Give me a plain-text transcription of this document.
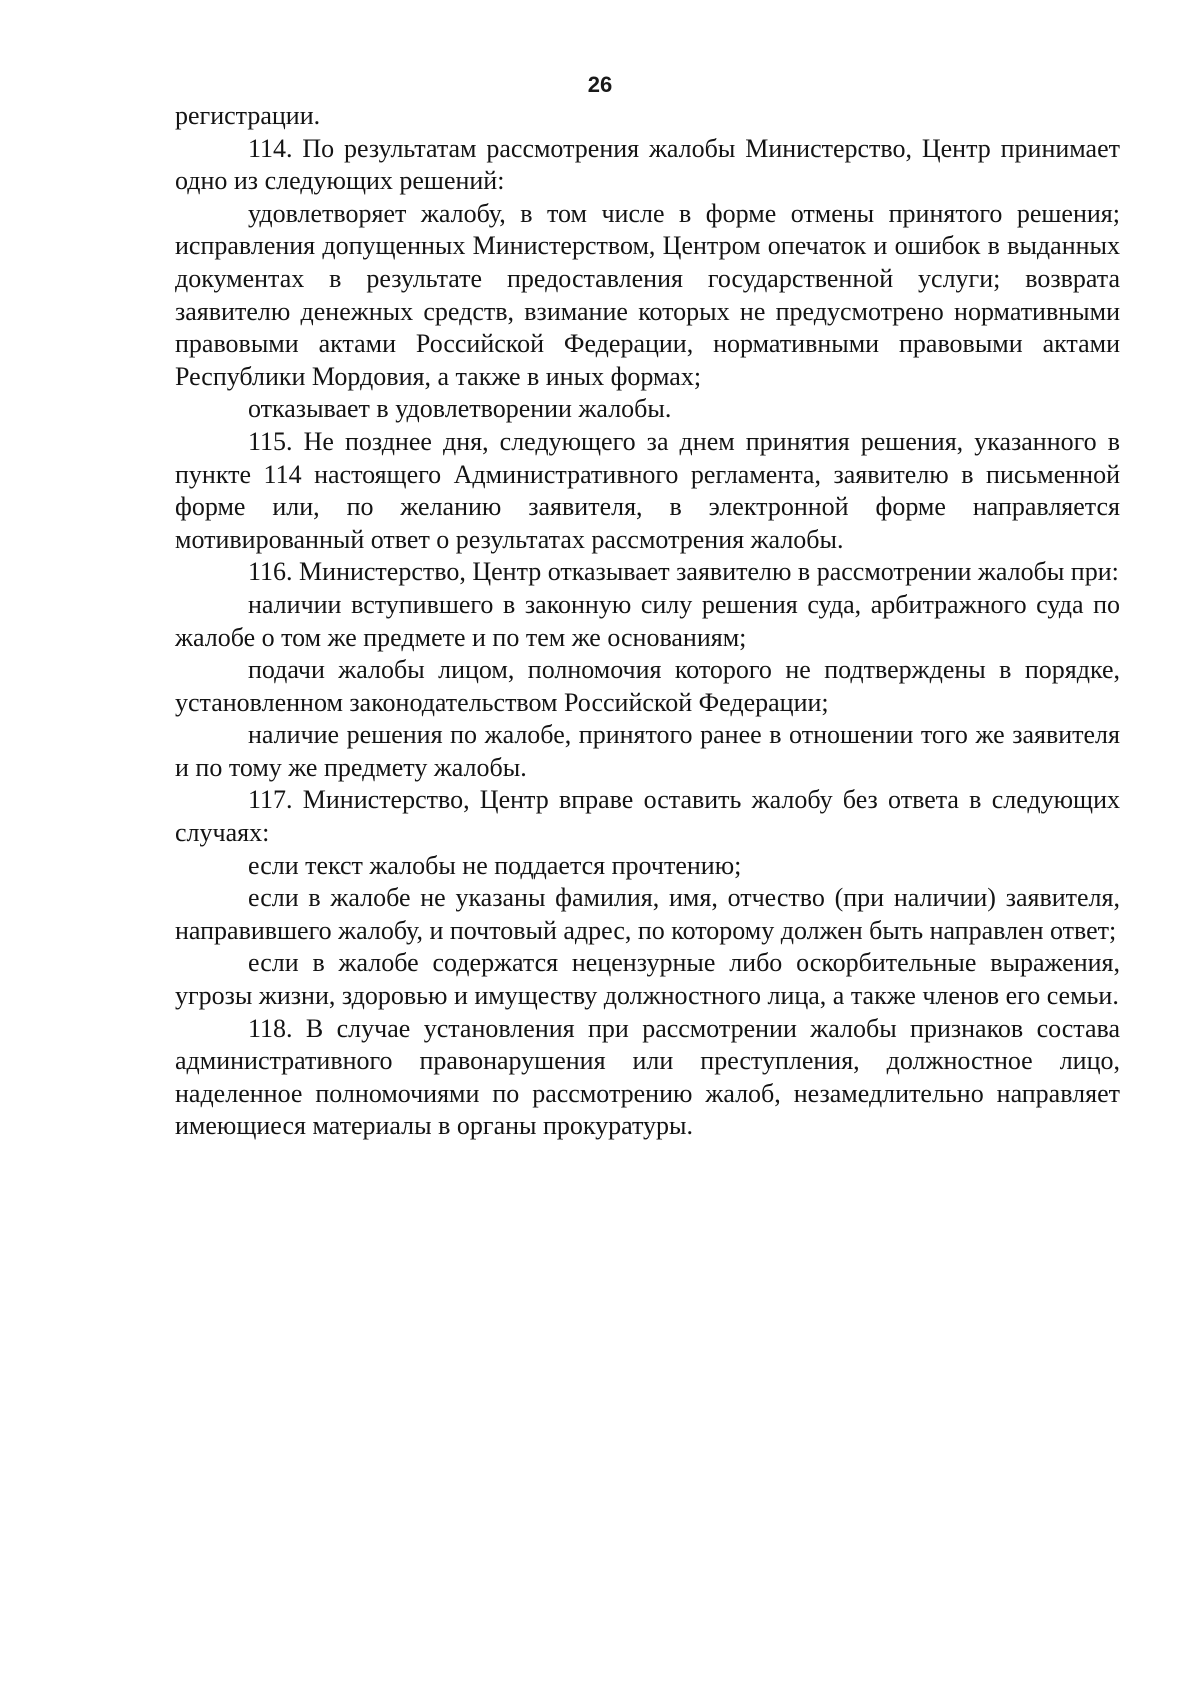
26

регистрации.

114. По результатам рассмотрения жалобы Министерство, Центр принимает одно из следующих решений:

удовлетворяет жалобу, в том числе в форме отмены принятого решения; исправления допущенных Министерством, Центром опечаток и ошибок в выданных документах в результате предоставления государственной услуги; возврата заявителю денежных средств, взимание которых не предусмотрено нормативными правовыми актами Российской Федерации, нормативными правовыми актами Республики Мордовия, а также в иных формах;

отказывает в удовлетворении жалобы.

115. Не позднее дня, следующего за днем принятия решения, указанного в пункте 114 настоящего Административного регламента, заявителю в письменной форме или, по желанию заявителя, в электронной форме направляется мотивированный ответ о результатах рассмотрения жалобы.

116. Министерство, Центр отказывает заявителю в рассмотрении жалобы при:

наличии вступившего в законную силу решения суда, арбитражного суда по жалобе о том же предмете и по тем же основаниям;

подачи жалобы лицом, полномочия которого не подтверждены в порядке, установленном законодательством Российской Федерации;

наличие решения по жалобе, принятого ранее в отношении того же заявителя и по тому же предмету жалобы.

117. Министерство, Центр вправе оставить жалобу без ответа в следующих случаях:

если текст жалобы не поддается прочтению;

если в жалобе не указаны фамилия, имя, отчество (при наличии) заявителя, направившего жалобу, и почтовый адрес, по которому должен быть направлен ответ;

если в жалобе содержатся нецензурные либо оскорбительные выражения, угрозы жизни, здоровью и имуществу должностного лица, а также членов его семьи.

118. В случае установления при рассмотрении жалобы признаков состава административного правонарушения или преступления, должностное лицо, наделенное полномочиями по рассмотрению жалоб, незамедлительно направляет имеющиеся материалы в органы прокуратуры.
